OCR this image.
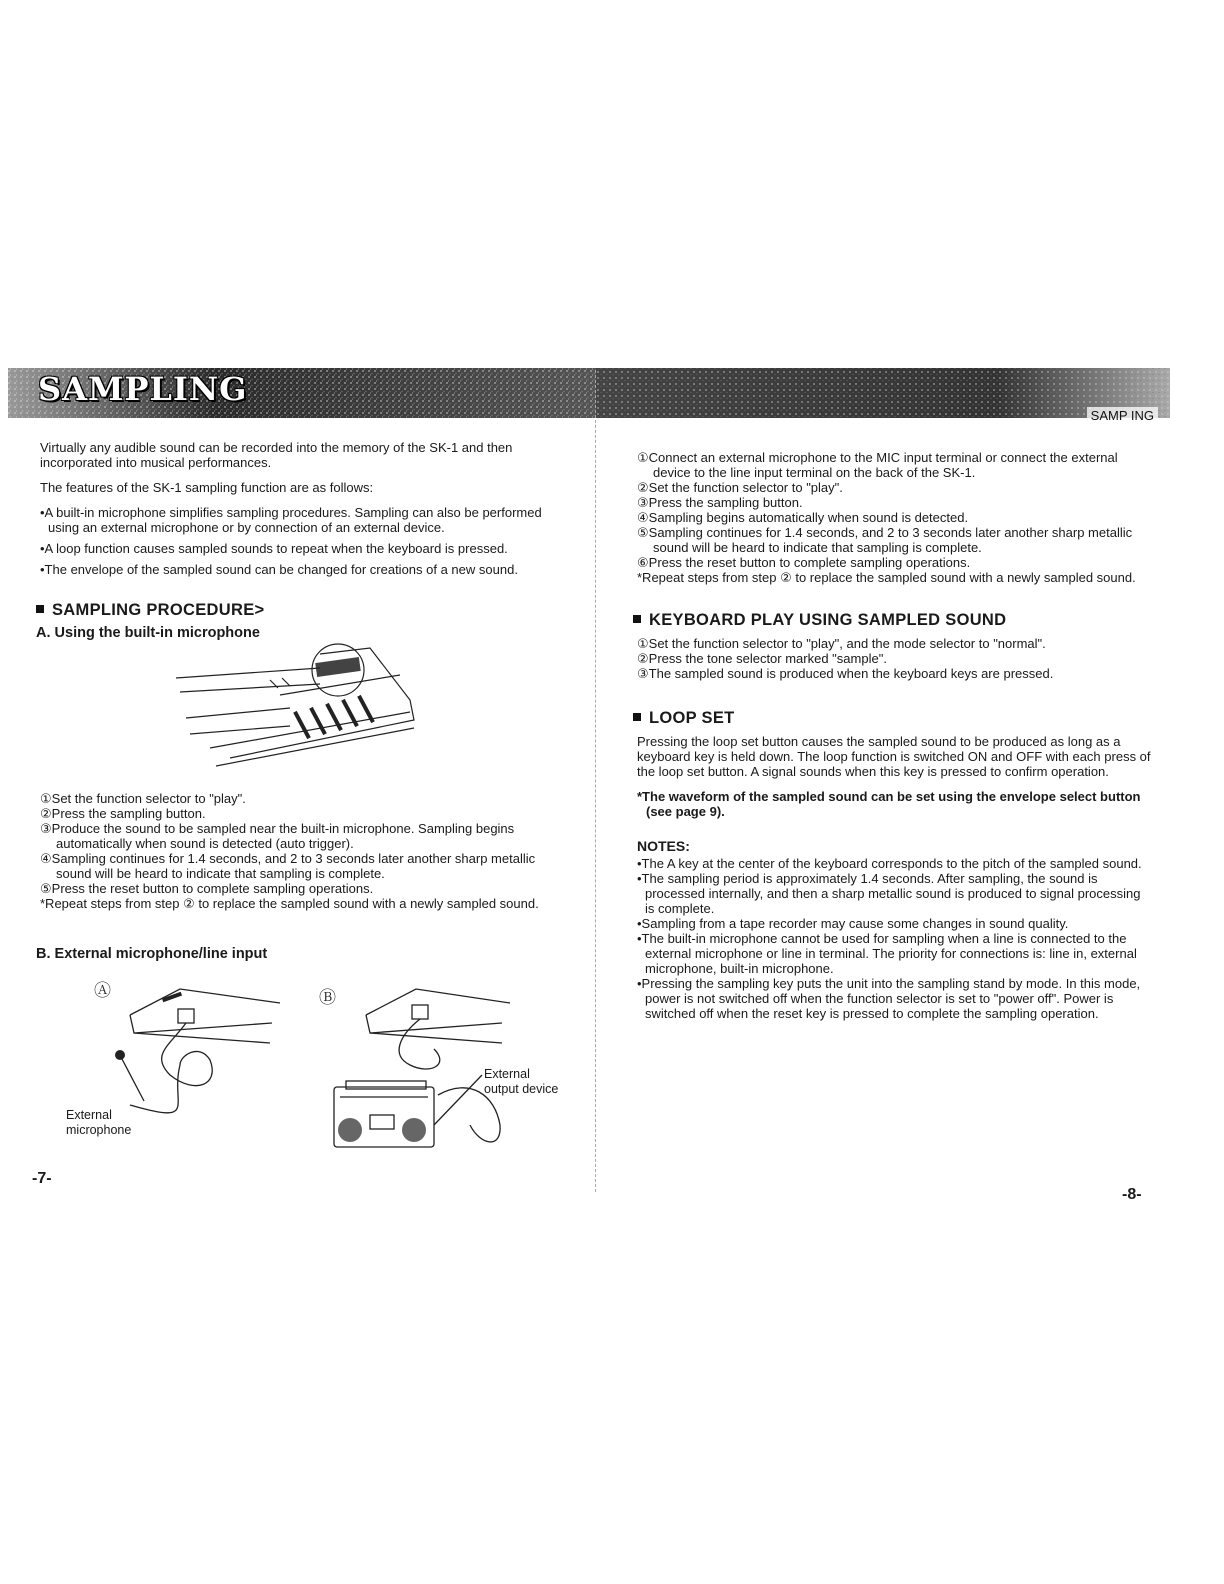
SAMPLING
SAMP ING

Virtually any audible sound can be recorded into the memory of the SK-1 and then incorporated into musical performances.

The features of the SK-1 sampling function are as follows:

•A built-in microphone simplifies sampling procedures. Sampling can also be performed using an external microphone or by connection of an external device.

•A loop function causes sampled sounds to repeat when the keyboard is pressed.

•The envelope of the sampled sound can be changed for creations of a new sound.

SAMPLING PROCEDURE>
A. Using the built-in microphone

①Set the function selector to "play".

②Press the sampling button.

③Produce the sound to be sampled near the built-in microphone. Sampling begins automatically when sound is detected (auto trigger).

④Sampling continues for 1.4 seconds, and 2 to 3 seconds later another sharp metallic sound will be heard to indicate that sampling is complete.

⑤Press the reset button to complete sampling operations.

*Repeat steps from step ② to replace the sampled sound with a newly sampled sound.

B. External microphone/line input
Ⓐ
External
microphone
Ⓑ
External
output device
-7-

①Connect an external microphone to the MIC input terminal or connect the external device to the line input terminal on the back of the SK-1.

②Set the function selector to "play".

③Press the sampling button.

④Sampling begins automatically when sound is detected.

⑤Sampling continues for 1.4 seconds, and 2 to 3 seconds later another sharp metallic sound will be heard to indicate that sampling is complete.

⑥Press the reset button to complete sampling operations.

*Repeat steps from step ② to replace the sampled sound with a newly sampled sound.

KEYBOARD PLAY USING SAMPLED SOUND

①Set the function selector to "play", and the mode selector to "normal".

②Press the tone selector marked "sample".

③The sampled sound is produced when the keyboard keys are pressed.

LOOP SET

Pressing the loop set button causes the sampled sound to be produced as long as a keyboard key is held down. The loop function is switched ON and OFF with each press of the loop set button. A signal sounds when this key is pressed to confirm operation.

*The waveform of the sampled sound can be set using the envelope select button (see page 9).

NOTES:

•The A key at the center of the keyboard corresponds to the pitch of the sampled sound.

•The sampling period is approximately 1.4 seconds. After sampling, the sound is processed internally, and then a sharp metallic sound is produced to signal processing is complete.

•Sampling from a tape recorder may cause some changes in sound quality.

•The built-in microphone cannot be used for sampling when a line is connected to the external microphone or line in terminal. The priority for connections is: line in, external microphone, built-in microphone.

•Pressing the sampling key puts the unit into the sampling stand by mode. In this mode, power is not switched off when the function selector is set to "power off". Power is switched off when the reset key is pressed to complete the sampling operation.

-8-
